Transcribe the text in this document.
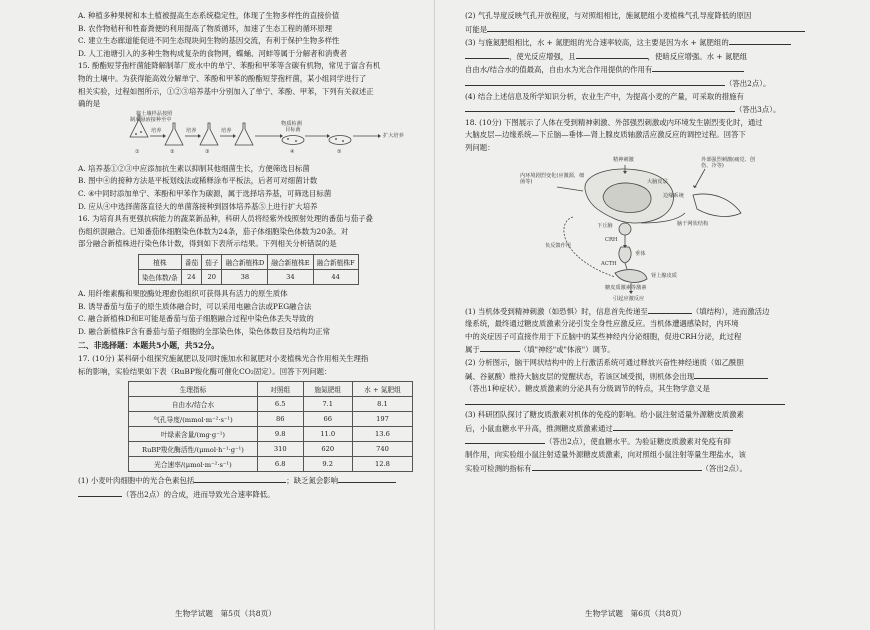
A. 种植多种果树和本土植被提高生态系统稳定性，体现了生物多样性的直接价值

B. 农作物秸秆和牲畜粪便的利用提高了物质循环，加速了生态工程的循环原理

C. 建立生态廊道能促进不同生态现块间生物的基因交流，有利于保护生物多样性

D. 人工池塘引入的多种生物构成复杂的食物网，蝶蛹、河蚌等属于分解者和消费者

15. 酚酯短芽孢杆菌能降解制革厂废水中的单宁、苯酚和甲苯等含碳有机物，常见于富含有机

物的土壤中。为获得能高效分解单宁、苯酚和甲苯的酚酯短芽孢杆菌，某小组同学进行了

相关实验，过程如图所示，①②③培养基中分别加入了单宁、苯酚、甲苯，下列有关叙述正

确的是

将土壤样品按照
制成悬液接种至中
培养	培养	培养
物质检测
目标菌
扩大培养
①	②	③	④	⑤

A. 培养基①②③中应添加抗生素以抑制其他细菌生长，方便筛选目标菌

B. 图中④的接种方法是平板划线法或稀释涂布平板法，后者可对细菌计数

C. ④中同时添加单宁、苯酚和甲苯作为碳源，属于选择培养基，可筛选目标菌

D. 应从④中选择菌落直径大的单菌落接种到固体培养基⑤上进行扩大培养

16. 为培育具有更强抗病能力的蔬菜新品种，科研人员将经紫外线照射处理的番茄与茄子叠

伤组织混融合。已知番茄体细胞染色体数为24条，茄子体细胞染色体数为20条。对

部分融合新植株进行染色体计数，得到如下表所示结果。下列相关分析错误的是

植株	番茄	茄子	融合新植株D	融合新植株E	融合新植株F
染色体数/条	24	20	38	34	44

A. 用纤维素酶和果胶酶处理愈伤组织可获得具有活力的原生质体

B. 诱导番茄与茄子的原生质体融合时，可以采用电融合法或PEG融合法

C. 融合新植株D和E可能是番茄与茄子细胞融合过程中染色体丢失导致的

D. 融合新植株F含有番茄与茄子细胞的全部染色体，染色体数目及结构均正常

二、非选择题：本题共5小题，共52分。

17. (10分) 某科研小组探究施氮肥以及同时施加水和氮肥对小麦植株光合作用相关生理指

标的影响，实验结果如下表（RuBP羧化酶可催化CO₂固定）。回答下列问题：

生理指标	对照组	施氮肥组	水 + 氮肥组
自由水/结合水	6.5	7.1	8.1
气孔导度/(mmol·m⁻²·s⁻¹)	86	66	197
叶绿素含量/(mg·g⁻¹)	9.8	11.0	13.6
RuBP羧化酶活性/(μmol·h⁻¹·g⁻¹)	310	620	740
光合速率/(μmol·m⁻²·s⁻¹)	6.8	9.2	12.8

(1) 小麦叶肉细胞中的光合色素包括	；缺乏氮会影响

（答出2点）的合成，进而导致光合速率降低。

生物学试题　第5页（共8页）

(2) 气孔导度反映气孔开放程度，与对照组相比，施氮肥组小麦植株气孔导度降低的原因

可能是

(3) 与施氮肥组相比，水 + 氮肥组的光合速率较高，这主要是因为水 + 氮肥组的

，使光反应增强，且	，使暗反应增强。水 + 氮肥组

自由水/结合水的值最高，自由水为光合作用提供的作用有

（答出2点）。

(4) 结合上述信息及所学知识分析，农业生产中，为提高小麦的产量，可采取的措施有

（答出3点）。

18. (10分) 下图展示了人体在受到精神刺激、外部强烈刺激或内环境发生剧烈变化时，通过

大脑皮层—边缘系统—下丘脑—垂体—肾上腺皮质轴激活应激反应的调控过程。回答下

列问题：

精神刺激
大脑皮层
内环境剧烈变化(应激源，细菌等)
外部强烈刺激(痛觉、创伤、冷等)
边缘系统
下丘脑	脑干网状结构
CRH
负反馈作用
垂体
ACTH
肾上腺皮质
糖皮质激素等激素
引起应激反应

(1) 当机体受到精神刺激（如恐惧）时，信息首先传递至	（填结构），进而激活边

缘系统，最终通过糖皮质激素分泌引发全身性应激反应。当机体遭遇感染时，内环境

中的炎症因子可直接作用于下丘脑中的某些神经内分泌细胞，促进CRH分泌，此过程

属于	（填"神经"或"体液"）调节。

(2) 分析图示，脑干网状结构中的上行激活系统可通过释放兴奋性神经递质（如乙酰胆

碱、谷氨酸）维持大脑皮层的觉醒状态，若该区域受损，则机体会出现

（答出1种症状）。糖皮质激素的分泌具有分级调节的特点，其生物学意义是

(3) 科研团队探讨了糖皮质激素对机体的免疫的影响。给小鼠注射适量外源糖皮质激素

后，小鼠血糖水平升高，推测糖皮质激素通过

（答出2点），使血糖水平。为验证糖皮质激素对免疫有抑

制作用，向实验组小鼠注射适量外源糖皮质激素，向对照组小鼠注射等量生理盐水，该

实验可检测的指标有	（答出2点）。

生物学试题　第6页（共8页）
